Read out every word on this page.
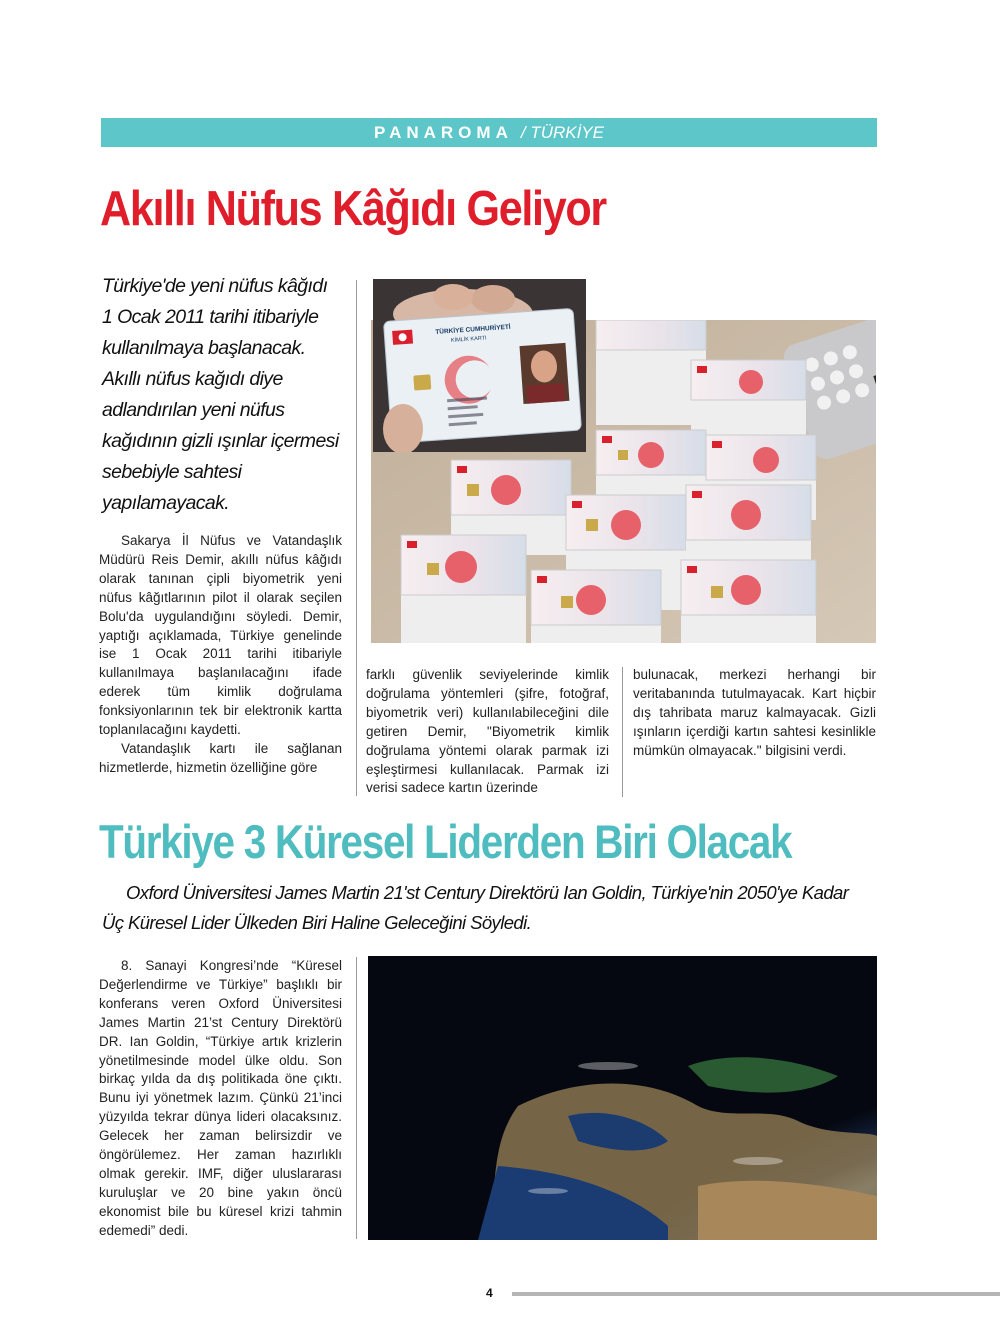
PANAROMA / TÜRKİYE
Akıllı Nüfus Kâğıdı Geliyor

Türkiye'de yeni nüfus kâğıdı

1 Ocak 2011 tarihi itibariyle

kullanılmaya başlanacak.

Akıllı nüfus kağıdı diye

adlandırılan yeni nüfus

kağıdının gizli ışınlar içermesi

sebebiyle sahtesi

yapılamayacak.

Sakarya İl Nüfus ve Vatandaşlık Müdürü Reis Demir, akıllı nüfus kâğıdı olarak tanınan çipli biyometrik yeni nüfus kâğıtlarının pilot il olarak seçilen Bolu'da uygulandığını söyledi. Demir, yaptığı açıklamada, Türkiye genelinde ise 1 Ocak 2011 tarihi itibariyle kullanılmaya başlanılacağını ifade ederek tüm kimlik doğrulama fonksiyonlarının tek bir elektronik kartta toplanılacağını kaydetti.

Vatandaşlık kartı ile sağlanan hizmetlerde, hizmetin özelliğine göre

farklı güvenlik seviyelerinde kimlik doğrulama yöntemleri (şifre, fotoğraf, biyometrik veri) kullanılabileceğini dile getiren Demir, "Biyometrik kimlik doğrulama yöntemi olarak parmak izi eşleştirmesi kullanılacak. Parmak izi verisi sadece kartın üzerinde

bulunacak, merkezi herhangi bir veritabanında tutulmayacak. Kart hiçbir dış tahribata maruz kalmayacak. Gizli ışınların içerdiği kartın sahtesi kesinlikle mümkün olmayacak." bilgisini verdi.

TÜRKİYE CUMHURİYETİ
KİMLİK KARTI
Türkiye 3 Küresel Liderden Biri Olacak

Oxford Üniversitesi James Martin 21'st Century Direktörü Ian Goldin, Türkiye'nin 2050'ye Kadar

Üç Küresel Lider Ülkeden Biri Haline Geleceğini Söyledi.

8. Sanayi Kongresi’nde “Küresel Değerlendirme ve Türkiye” başlıklı bir konferans veren Oxford Üniversitesi James Martin 21’st Century Direktörü DR. Ian Goldin, “Türkiye artık krizlerin yönetilmesinde model ülke oldu. Son birkaç yılda da dış politikada öne çıktı. Bunu iyi yönetmek lazım. Çünkü 21’inci yüzyılda tekrar dünya lideri olacaksınız. Gelecek her zaman belirsizdir ve öngörülemez. Her zaman hazırlıklı olmak gerekir. IMF, diğer uluslararası kuruluşlar ve 20 bine yakın öncü ekonomist bile bu küresel krizi tahmin edemedi” dedi.

4
